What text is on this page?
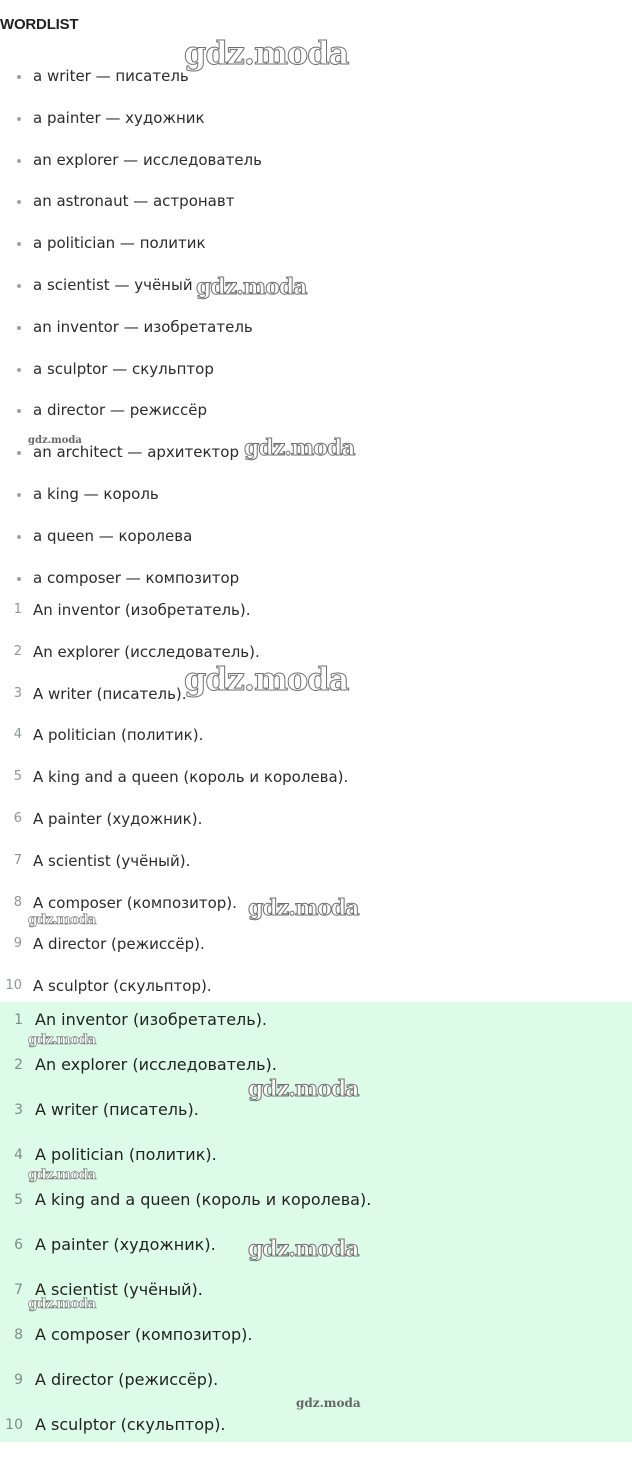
WORDLIST
a writer — писатель
a painter — художник
an explorer — исследователь
an astronaut — астронавт
a politician — политик
a scientist — учёный
an inventor — изобретатель
a sculptor — скульптор
a director — режиссёр
an architect — архитектор
a king — король
a queen — королева
a composer — композитор
1 An inventor (изобретатель).
2 An explorer (исследователь).
3 A writer (писатель).
4 A politician (политик).
5 A king and a queen (король и королева).
6 A painter (художник).
7 A scientist (учёный).
8 A composer (композитор).
9 A director (режиссёр).
10 A sculptor (скульптор).
1 An inventor (изобретатель).
2 An explorer (исследователь).
3 A writer (писатель).
4 A politician (политик).
5 A king and a queen (король и королева).
6 A painter (художник).
7 A scientist (учёный).
8 A composer (композитор).
9 A director (режиссёр).
10 A sculptor (скульптор).
gdz.moda
gdz.moda
gdz.moda	gdz.moda
gdz.moda
gdz.moda
gdz.moda
gdz.moda
gdz.moda
gdz.moda
gdz.moda
gdz.moda
gdz.moda
